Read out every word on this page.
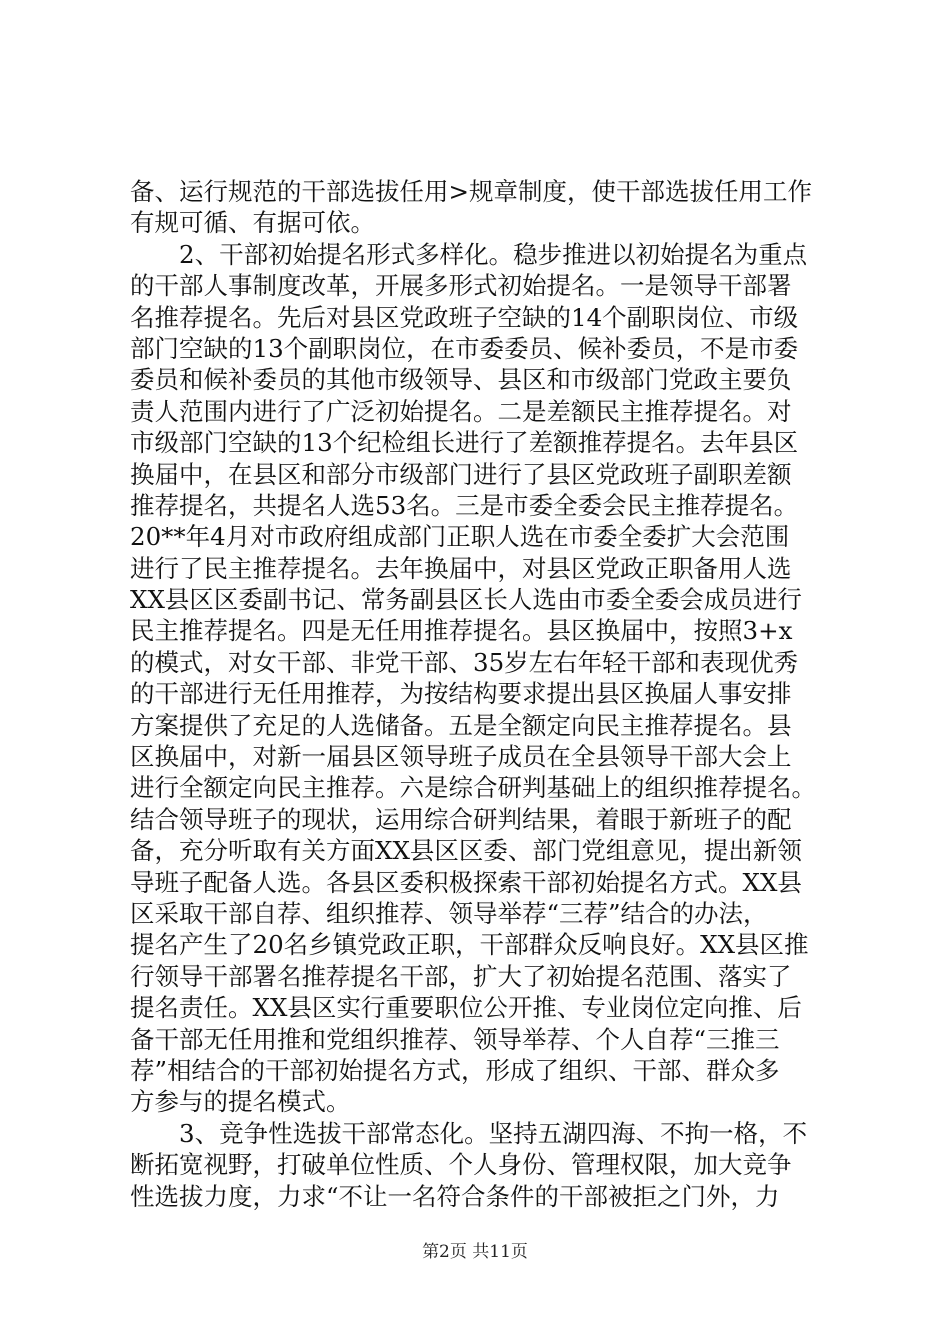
备、运行规范的干部选拔任用>规章制度，使干部选拔任用工作
有规可循、有据可依。
　　2、干部初始提名形式多样化。稳步推进以初始提名为重点
的干部人事制度改革，开展多形式初始提名。一是领导干部署
名推荐提名。先后对县区党政班子空缺的14个副职岗位、市级
部门空缺的13个副职岗位，在市委委员、候补委员，不是市委
委员和候补委员的其他市级领导、县区和市级部门党政主要负
责人范围内进行了广泛初始提名。二是差额民主推荐提名。对
市级部门空缺的13个纪检组长进行了差额推荐提名。去年县区
换届中，在县区和部分市级部门进行了县区党政班子副职差额
推荐提名，共提名人选53名。三是市委全委会民主推荐提名。
20**年4月对市政府组成部门正职人选在市委全委扩大会范围
进行了民主推荐提名。去年换届中，对县区党政正职备用人选
XX县区区委副书记、常务副县区长人选由市委全委会成员进行
民主推荐提名。四是无任用推荐提名。县区换届中，按照3+x
的模式，对女干部、非党干部、35岁左右年轻干部和表现优秀
的干部进行无任用推荐，为按结构要求提出县区换届人事安排
方案提供了充足的人选储备。五是全额定向民主推荐提名。县
区换届中，对新一届县区领导班子成员在全县领导干部大会上
进行全额定向民主推荐。六是综合研判基础上的组织推荐提名。
结合领导班子的现状，运用综合研判结果，着眼于新班子的配
备，充分听取有关方面XX县区区委、部门党组意见，提出新领
导班子配备人选。各县区委积极探索干部初始提名方式。XX县
区采取干部自荐、组织推荐、领导举荐“三荐”结合的办法，
提名产生了20名乡镇党政正职，干部群众反响良好。XX县区推
行领导干部署名推荐提名干部，扩大了初始提名范围、落实了
提名责任。XX县区实行重要职位公开推、专业岗位定向推、后
备干部无任用推和党组织推荐、领导举荐、个人自荐“三推三
荐”相结合的干部初始提名方式，形成了组织、干部、群众多
方参与的提名模式。
　　3、竞争性选拔干部常态化。坚持五湖四海、不拘一格，不
断拓宽视野，打破单位性质、个人身份、管理权限，加大竞争
性选拔力度，力求“不让一名符合条件的干部被拒之门外，力
第2页 共11页
